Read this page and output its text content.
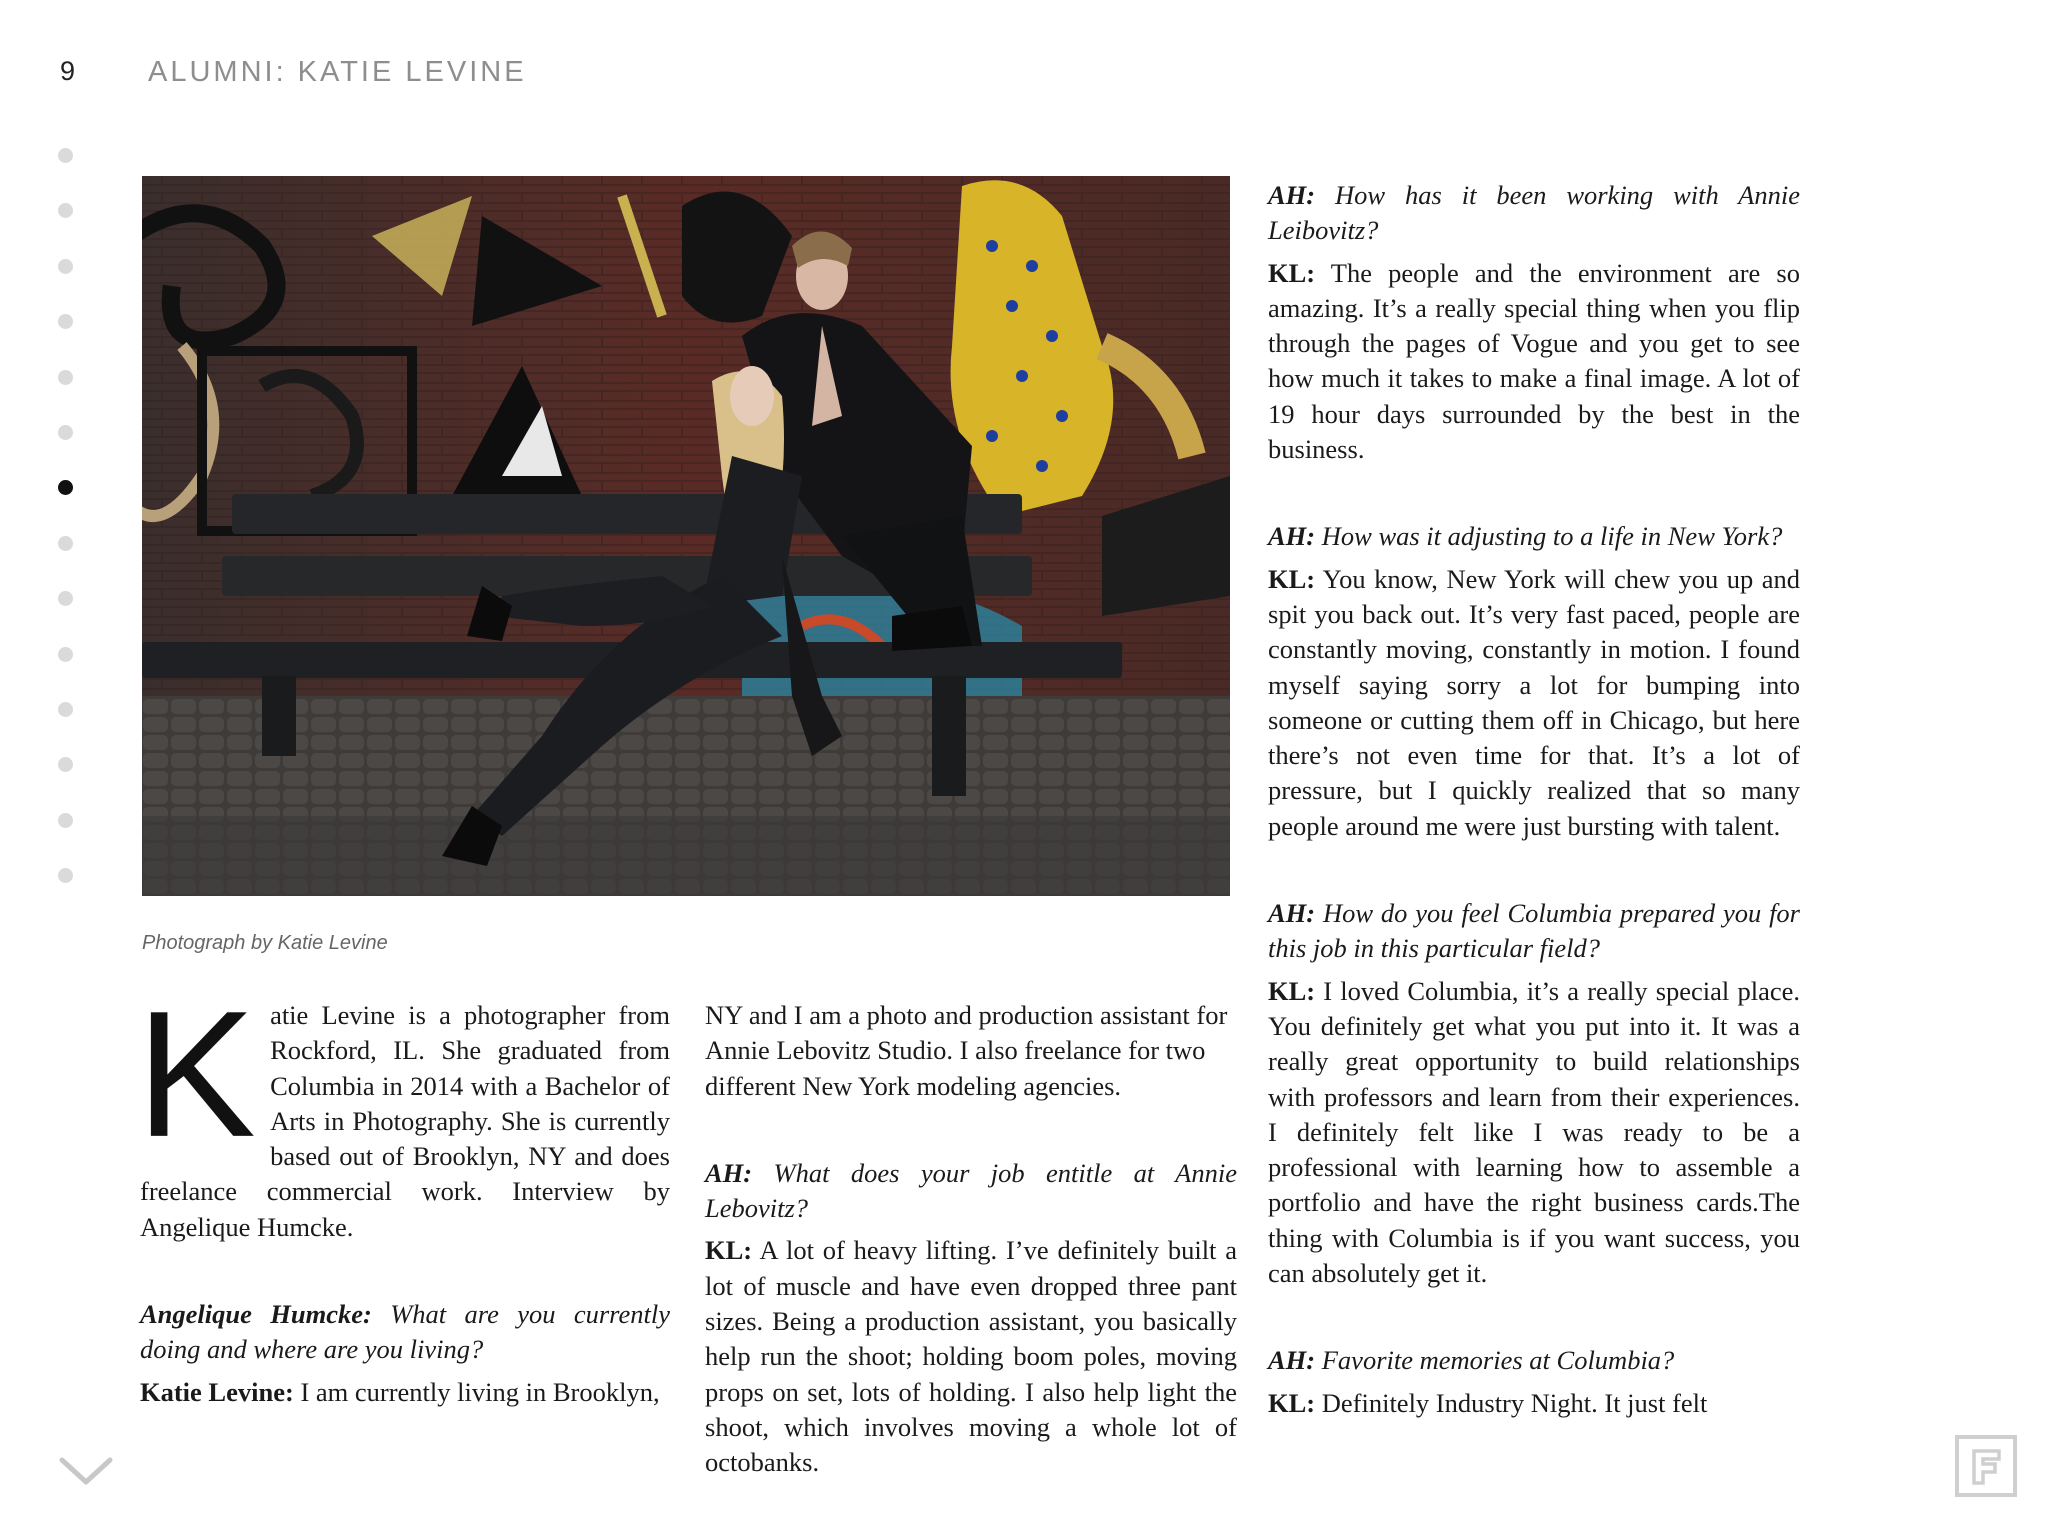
9 ALUMNI: KATIE LEVINE
Photograph by Katie Levine

Katie Levine is a photographer from Rockford, IL. She graduated from Columbia in 2014 with a Bachelor of Arts in Photography. She is currently based out of Brooklyn, NY and does freelance commercial work. Interview by Angelique Humcke.

Angelique Humcke: What are you currently doing and where are you living?

Katie Levine: I am currently living in Brooklyn,

NY and I am a photo and production assistant for Annie Lebovitz Studio. I also freelance for two different New York modeling agencies.

AH: What does your job entitle at Annie Lebovitz?

KL: A lot of heavy lifting. I’ve definitely built a lot of muscle and have even dropped three pant sizes. Being a production assistant, you basically help run the shoot; holding boom poles, moving props on set, lots of holding. I also help light the shoot, which involves moving a whole lot of octobanks.

AH: How has it been working with Annie Leibovitz?

KL: The people and the environment are so amazing. It’s a really special thing when you flip through the pages of Vogue and you get to see how much it takes to make a final image. A lot of 19 hour days surrounded by the best in the business.

AH: How was it adjusting to a life in New York?

KL: You know, New York will chew you up and spit you back out. It’s very fast paced, people are constantly moving, constantly in motion. I found myself saying sorry a lot for bumping into someone or cutting them off in Chicago, but here there’s not even time for that. It’s a lot of pressure, but I quickly realized that so many people around me were just bursting with talent.

AH: How do you feel Columbia prepared you for this job in this particular field?

KL: I loved Columbia, it’s a really special place. You definitely get what you put into it. It was a really great opportunity to build relationships with professors and learn from their experiences. I definitely felt like I was ready to be a professional with learning how to assemble a portfolio and have the right business cards.The thing with Columbia is if you want success, you can absolutely get it.

AH: Favorite memories at Columbia?

KL: Definitely Industry Night. It just felt
